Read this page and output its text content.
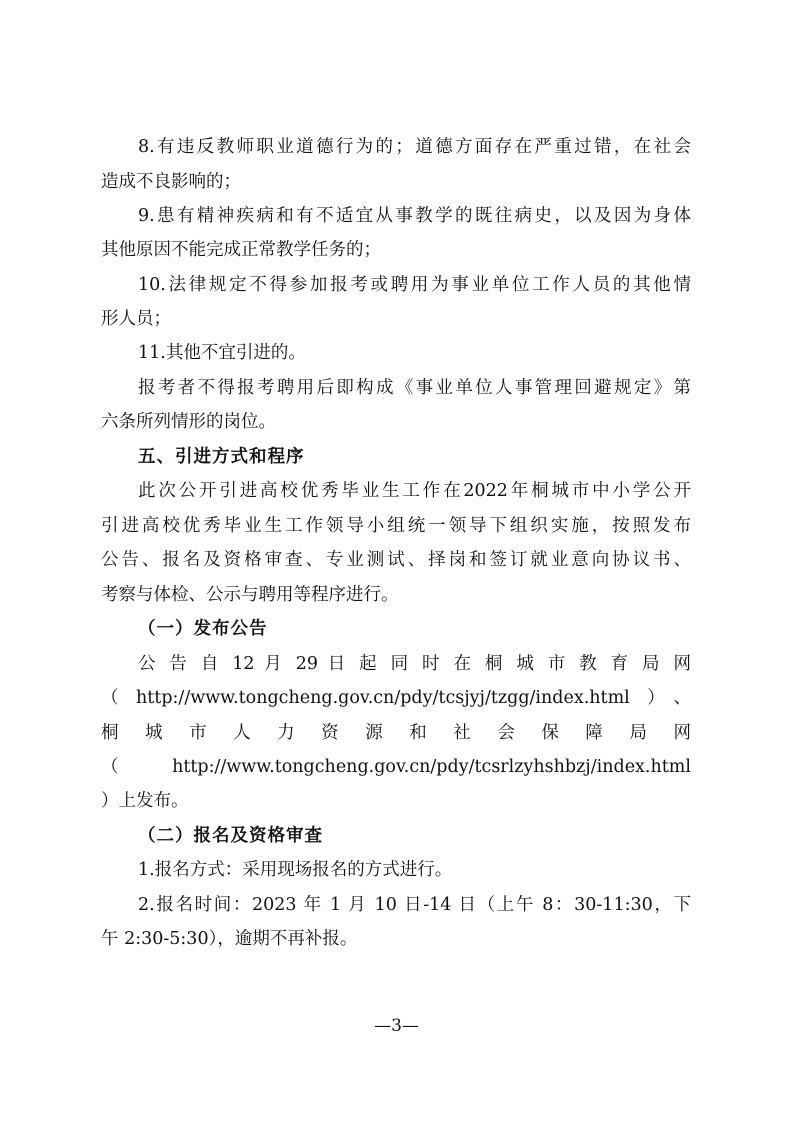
8.有违反教师职业道德行为的；道德方面存在严重过错，在社会
造成不良影响的；
9.患有精神疾病和有不适宜从事教学的既往病史，以及因为身体
其他原因不能完成正常教学任务的；
10.法律规定不得参加报考或聘用为事业单位工作人员的其他情
形人员；
11.其他不宜引进的。
报考者不得报考聘用后即构成《事业单位人事管理回避规定》第
六条所列情形的岗位。
五、引进方式和程序
此次公开引进高校优秀毕业生工作在2022年桐城市中小学公开
引进高校优秀毕业生工作领导小组统一领导下组织实施，按照发布
公告、报名及资格审查、专业测试、择岗和签订就业意向协议书、
考察与体检、公示与聘用等程序进行。
（一）发布公告
公 告 自 12 月 29 日 起 同 时 在 桐 城 市 教 育 局 网
（http://www.tongcheng.gov.cn/pdy/tcsjyj/tzgg/index.html）、
桐 城 市 人 力 资 源 和 社 会 保 障 局 网
（ http://www.tongcheng.gov.cn/pdy/tcsrlzyhshbzj/index.html
）上发布。
（二）报名及资格审查
1.报名方式：采用现场报名的方式进行。
2.报名时间：2023 年 1 月 10 日-14 日（上午 8：30-11:30，下
午 2:30-5:30），逾期不再补报。
—3—
